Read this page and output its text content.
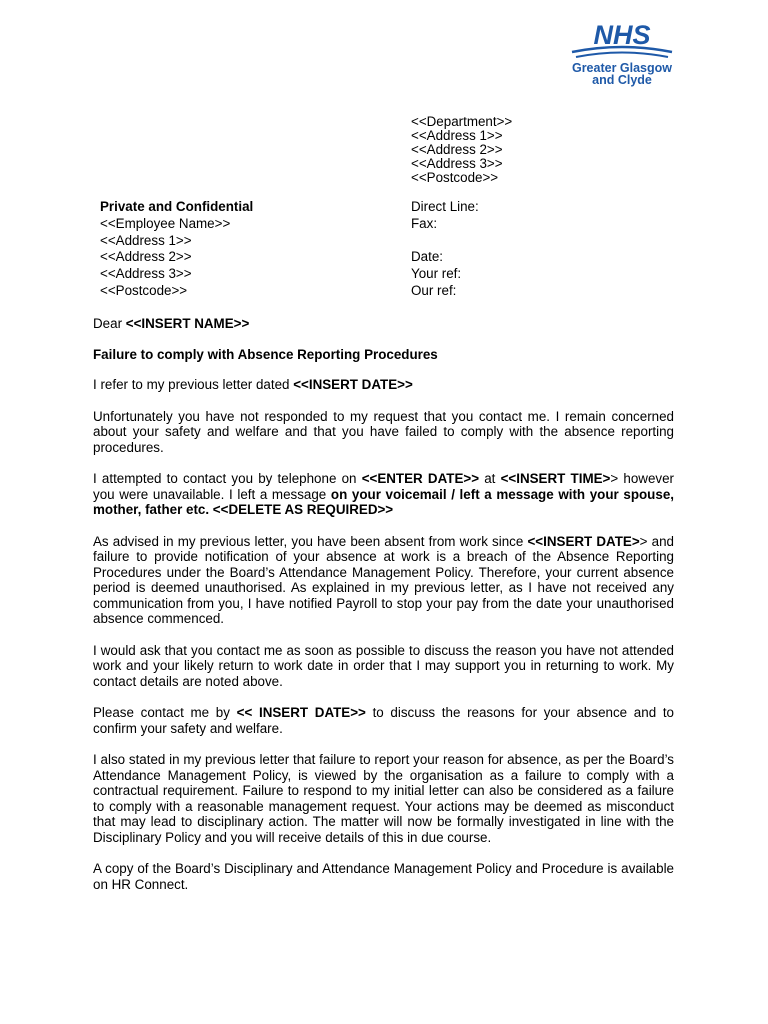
NHS
Greater Glasgow
and Clyde
<<Department>>
<<Address 1>>
<<Address 2>>
<<Address 3>>
<<Postcode>>
Private and Confidential
<<Employee Name>>
<<Address 1>>
<<Address 2>>
<<Address 3>>
<<Postcode>>
Direct Line:
Fax:
Date:
Your ref:
Our ref:

Dear <<INSERT NAME>>

Failure to comply with Absence Reporting Procedures

I refer to my previous letter dated <<INSERT DATE>>

Unfortunately you have not responded to my request that you contact me. I remain concerned about your safety and welfare and that you have failed to comply with the absence reporting procedures.

I attempted to contact you by telephone on <<ENTER DATE>> at <<INSERT TIME>> however you were unavailable. I left a message on your voicemail / left a message with your spouse, mother, father etc. <<DELETE AS REQUIRED>>

As advised in my previous letter, you have been absent from work since <<INSERT DATE>> and failure to provide notification of your absence at work is a breach of the Absence Reporting Procedures under the Board’s Attendance Management Policy. Therefore, your current absence period is deemed unauthorised. As explained in my previous letter, as I have not received any communication from you, I have notified Payroll to stop your pay from the date your unauthorised absence commenced.

I would ask that you contact me as soon as possible to discuss the reason you have not attended work and your likely return to work date in order that I may support you in returning to work. My contact details are noted above.

Please contact me by << INSERT DATE>> to discuss the reasons for your absence and to confirm your safety and welfare.

I also stated in my previous letter that failure to report your reason for absence, as per the Board’s Attendance Management Policy, is viewed by the organisation as a failure to comply with a contractual requirement. Failure to respond to my initial letter can also be considered as a failure to comply with a reasonable management request. Your actions may be deemed as misconduct that may lead to disciplinary action. The matter will now be formally investigated in line with the Disciplinary Policy and you will receive details of this in due course.

A copy of the Board’s Disciplinary and Attendance Management Policy and Procedure is available on HR Connect.
